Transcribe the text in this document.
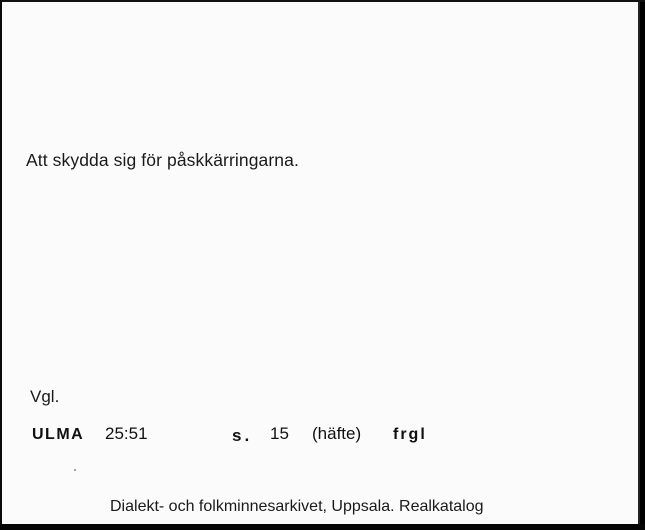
Att skydda sig för påskkärringarna.
Vgl.
ULMA 25:51	s. 15 (häfte) frgl
Dialekt- och folkminnesarkivet, Uppsala. Realkatalog
